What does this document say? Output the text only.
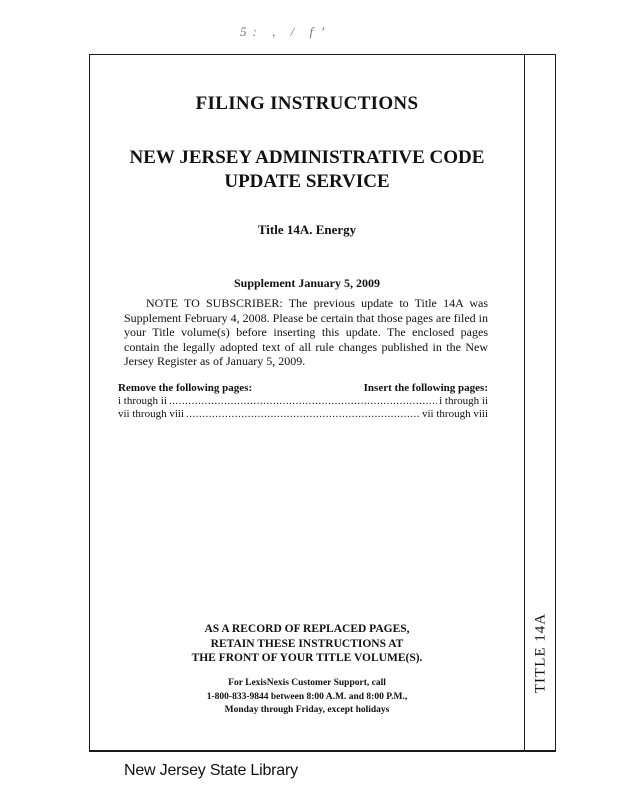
5: , / f’
TITLE 14A
FILING INSTRUCTIONS
NEW JERSEY ADMINISTRATIVE CODE
UPDATE SERVICE
Title 14A. Energy
Supplement January 5, 2009
NOTE TO SUBSCRIBER: The previous update to Title 14A was Supplement February 4, 2008. Please be certain that those pages are filed in your Title volume(s) before inserting this update. The enclosed pages contain the legally adopted text of all rule changes published in the New Jersey Register as of January 5, 2009.
Remove the following pages:	Insert the following pages:
i through ii .....	i through ii
vii through viii .....	vii through viii
AS A RECORD OF REPLACED PAGES,
RETAIN THESE INSTRUCTIONS AT
THE FRONT OF YOUR TITLE VOLUME(S).
For LexisNexis Customer Support, call
1-800-833-9844 between 8:00 A.M. and 8:00 P.M.,
Monday through Friday, except holidays
New Jersey State Library
